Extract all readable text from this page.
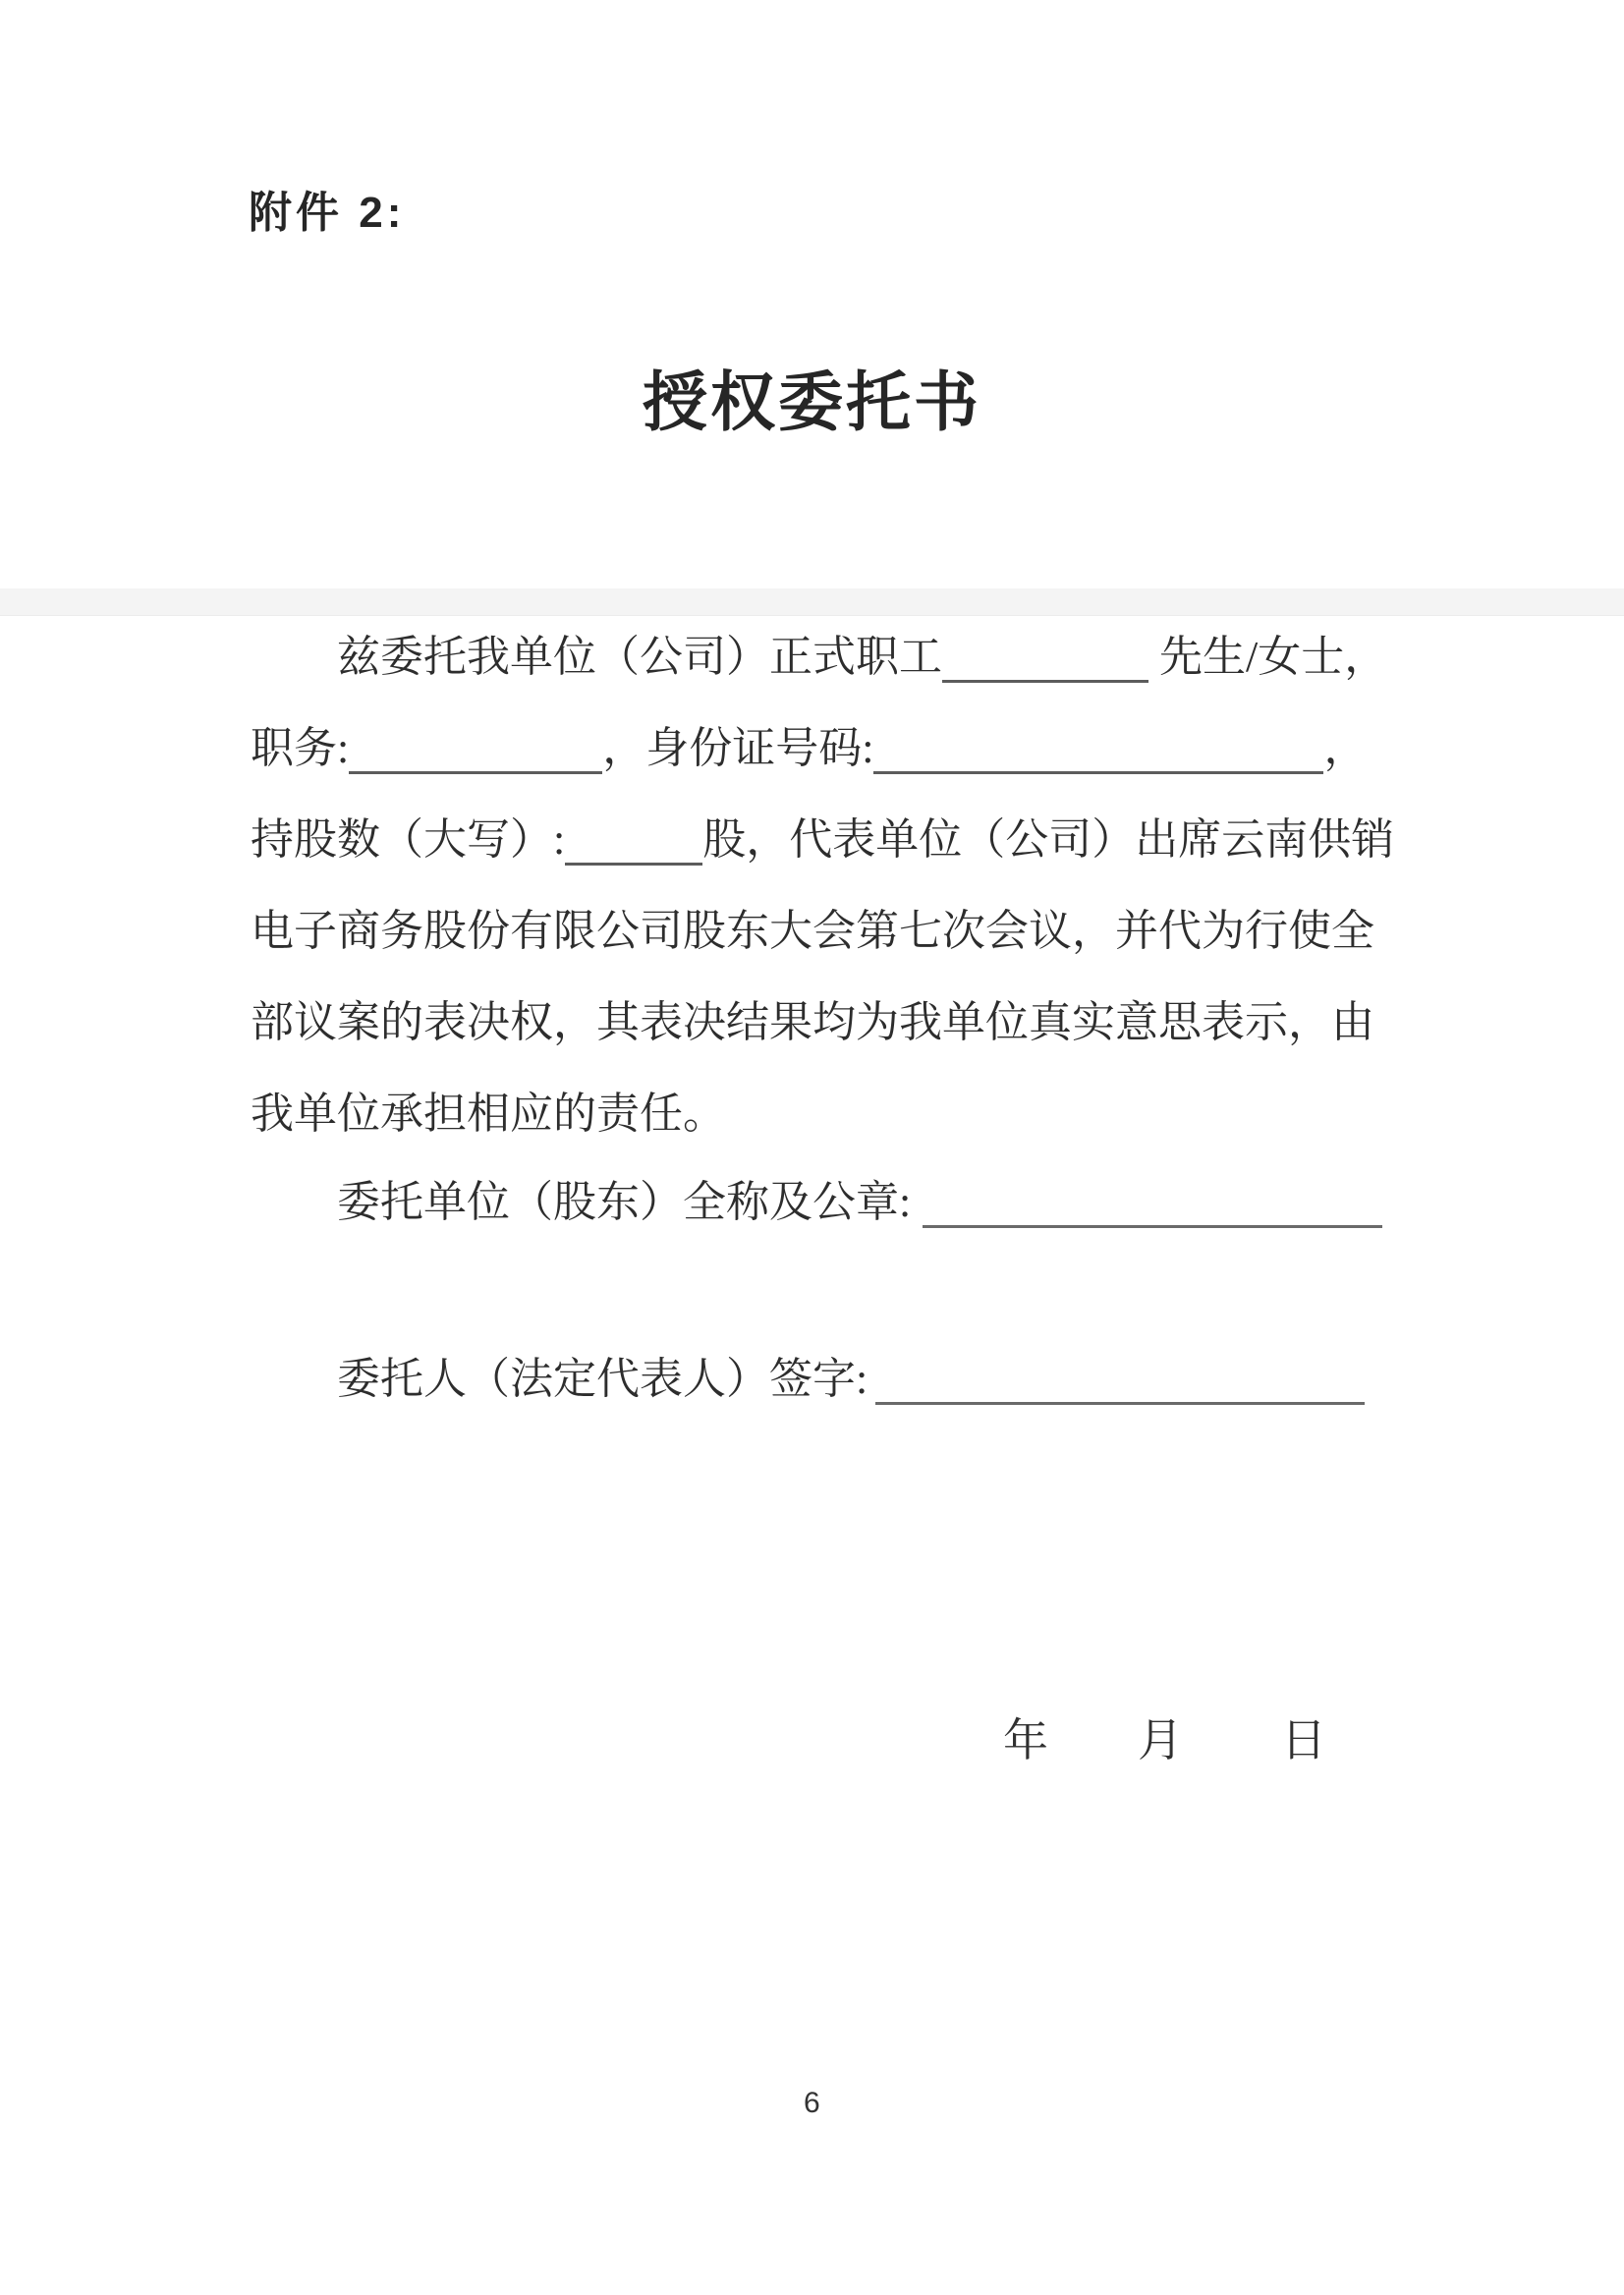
附件 2:
授权委托书
兹委托我单位（公司）正式职工	先生/女士，
职务:	，身份证号码:	，
持股数（大写）:	股，代表单位（公司）出席云南供销
电子商务股份有限公司股东大会第七次会议，并代为行使全
部议案的表决权，其表决结果均为我单位真实意思表示，由
我单位承担相应的责任。
委托单位（股东）全称及公章:
委托人（法定代表人）签字:
年 月 日
6
